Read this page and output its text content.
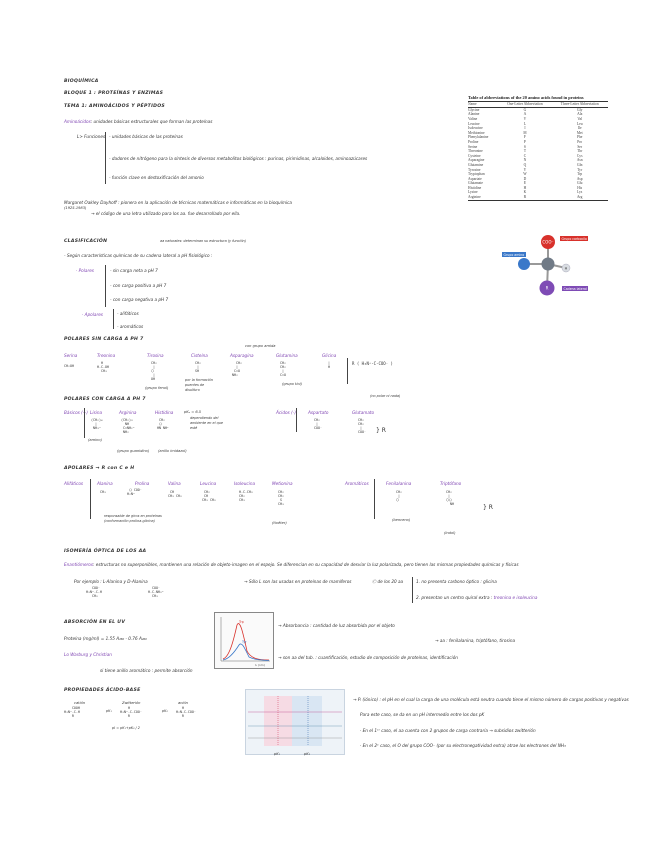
BIOQUÍMICA
BLOQUE 1 : PROTEÍNAS Y ENZIMAS
TEMA 1: AMINOÁCIDOS Y PÉPTIDOS
Aminoácidos: unidades básicas estructurales que forman las proteínas
L> Funciones - unidades básicas de las proteínas
- dadores de nitrógeno para la síntesis de diversos metabolitos biológicos : purinas, pirimidinas, alcaloides, aminoazúcares
- función clave en destoxificación del amonio
Margaret Oakley Dayhoff : pionera en la aplicación de técnicas matemáticas e informáticas en la bioquímica
(1925-1983)
→ el código de una letra utilizado para los aa. fue desarrollado por ella.
Table of abbreviations of the 20 amino acids found in proteins
Name	One-Letter Abbreviation	Three-Letter Abbreviation
Glycine	G	Gly
Alanine	A	Ala
Valine	V	Val
Leucine	L	Leu
Isoleucine	I	Ile
Methionine	M	Met
Phenylalanine	F	Phe
Proline	P	Pro
Serine	S	Ser
Threonine	T	Thr
Cysteine	C	Cys
Asparagine	N	Asn
Glutamine	Q	Gln
Tyrosine	Y	Tyr
Tryptophan	W	Trp
Aspartate	D	Asp
Glutamate	E	Glu
Histidine	H	His
Lysine	K	Lys
Arginine	R	Arg
COO⁻
H
R
Grupo carboxilo
Grupo amino
Cadena lateral
CLASIFICACIÓN	aa naturales: determinan su estructura (y función)
- Según características químicas de su cadena lateral a pH fisiológico :
· Polares	- sin carga neta a pH 7
- con carga positiva a pH 7
- con carga negativa a pH 7
· Apolares	- alifáticos
- aromáticos
POLARES SIN CARGA A PH 7
con grupo amida
Serina	Treonina	Tirosina	Cisteína	Asparagina	Glutamina	Glicina
CH₂OH
H
H-C-OH
CH₃
CH₂
|
⬡
|
OH
CH₂
|
SH
CH₂
|
C=O
NH₂
CH₂
CH₂
|
C=O
|
H
(grupo fenol)
por la formación puentes de disulfuro
(grupo tiol)
R ( H₃N⁺-C-COO⁻ )
(no polar ni nada)
POLARES CON CARGA A PH 7
Básicos (+) Lisina	Arginina	Histidina	pKₐ = 6.5
dependiendo del ambiente en el que esté
(CH₂)₄
|
NH₃⁺
(CH₂)₃
NH
C=NH₂⁺
NH₂
CH₂
⬠
HN NH⁺
(amino)
(grupo guanidino) (anillo imidazol)
Ácidos (-)	Aspartato	Glutamato
CH₂
|
COO⁻
CH₂
CH₂
|
COO⁻ } R
APOLARES → R con C e H
Alifáticos	Alanina	Prolina	Valina	Leucina	Isoleucina	Metionina
CH₃	⬠ COO⁻
H₂N⁺	CH
CH₃ CH₃
CH₂
CH
CH₃ CH₃
H-C-CH₃
CH₂
CH₃
CH₂
CH₂
S
CH₃
responsable de giros en proteínas (conformación prolina-glicina)	(tioéter)
Aromáticos	Fenilalanina	Triptófano
CH₂
|
⬡
CH₂
|
⬡⬠
NH
(benceno)
(indol)
} R
ISOMERÍA ÓPTICA DE LOS AA
Enantiómeros: estructuras no superponibles, mantienen una relación de objeto-imagen en el espejo. Se diferencian en su capacidad de desviar la luz polarizada, pero tienen las mismas propiedades químicas y físicas
Por ejemplo : L-Alanina y D-Alanina	→ Sólo L son las usadas en proteínas de mamíferos
COO⁻
H₃N⁺-C-H
CH₃
COO⁻
H-C-NH₃⁺
CH₃
Ⓒ de los 20 aa	1. no presenta carbono óptico : glicina
2. presentan un centro quiral extra : treonina e isoleucina
ABSORCIÓN EN EL UV
Proteína (mg/ml) = 1.55 A₂₈₀ - 0.76 A₂₆₀
Lo Warburg y Christian
si tiene anillo aromático : permite absorción
Trp
Tyr
λ (nm)
→ Absorbancia : cantidad de luz absorbida por el objeto
→ son aa del tub. : cuantificación, estudio de composición de proteínas, identificación
→ aa : fenilalanina, triptófano, tirosina
PROPIEDADES ÁCIDO-BASE
catión	Zwitterión	anión
COOH
H₃N⁺-C-H
R
H
H₃N⁺-C-COO⁻
R
H
H₂N-C-COO⁻
R
pK₁	pK₂
pI = pK₁+pK₂ / 2
pK₁	pK₂
→ Pᵢ (iónico) : el pH en el cual la carga de una molécula está neutra cuando tiene el mismo número de cargas positivas y negativas
Para este caso, se da en un pH intermedio entre los dos pK
· En el 1ᵉʳ caso, el aa cuenta con 2 grupos de carga contraria → subsidios zwitterión
· En el 2ᵉ caso, el O del grupo COO⁻ (por su electronegatividad extra) atrae los electrones del NH₃
